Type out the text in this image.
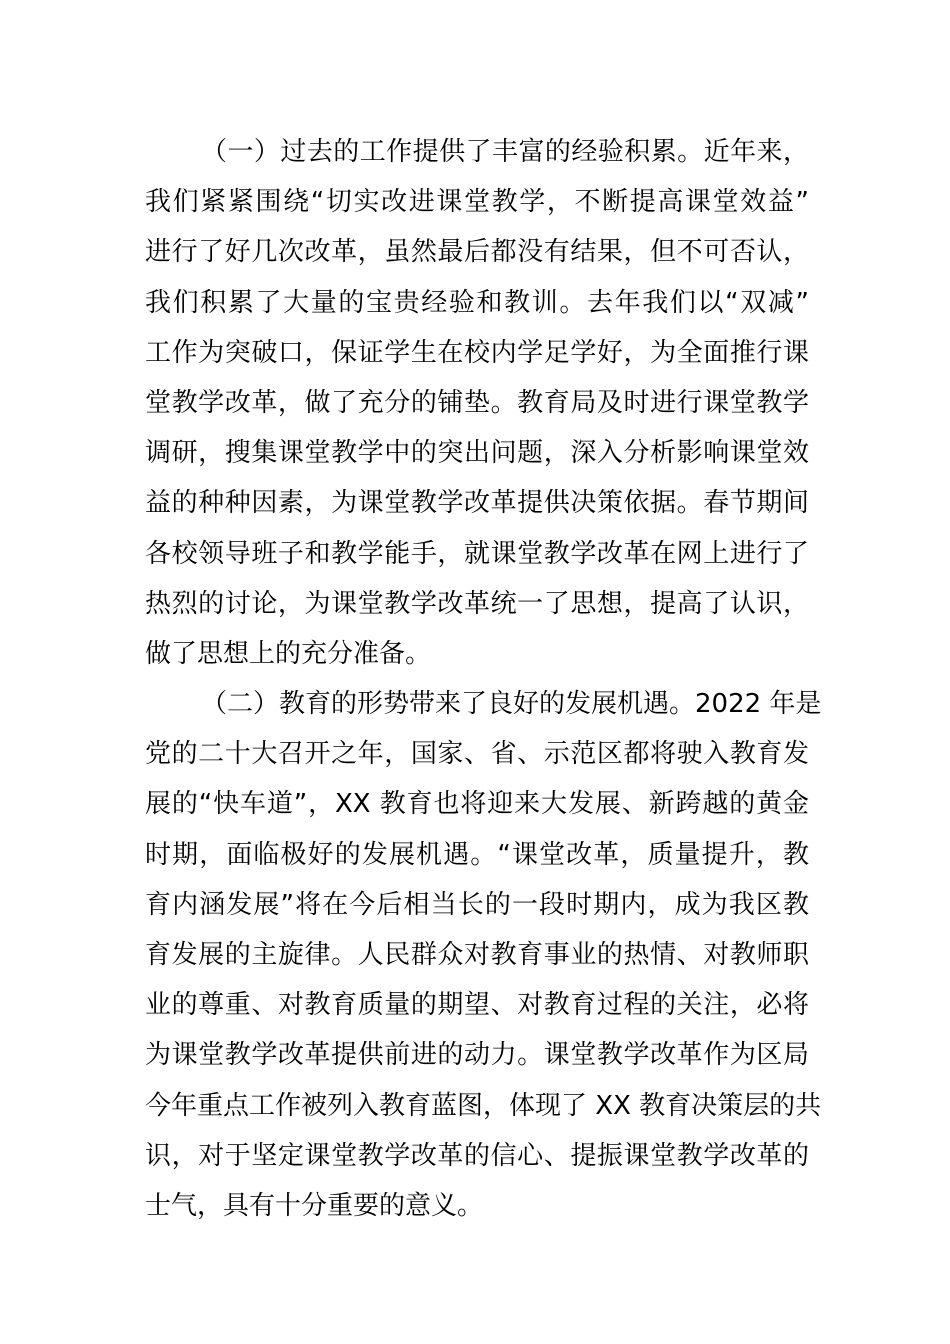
（一）过去的工作提供了丰富的经验积累。近年来，
我们紧紧围绕“切实改进课堂教学，不断提高课堂效益”
进行了好几次改革，虽然最后都没有结果，但不可否认，
我们积累了大量的宝贵经验和教训。去年我们以“双减”
工作为突破口，保证学生在校内学足学好，为全面推行课
堂教学改革，做了充分的铺垫。教育局及时进行课堂教学
调研，搜集课堂教学中的突出问题，深入分析影响课堂效
益的种种因素，为课堂教学改革提供决策依据。春节期间
各校领导班子和教学能手，就课堂教学改革在网上进行了
热烈的讨论，为课堂教学改革统一了思想，提高了认识，
做了思想上的充分准备。
（二）教育的形势带来了良好的发展机遇。2022 年是
党的二十大召开之年，国家、省、示范区都将驶入教育发
展的“快车道”，XX 教育也将迎来大发展、新跨越的黄金
时期，面临极好的发展机遇。“课堂改革，质量提升，教
育内涵发展”将在今后相当长的一段时期内，成为我区教
育发展的主旋律。人民群众对教育事业的热情、对教师职
业的尊重、对教育质量的期望、对教育过程的关注，必将
为课堂教学改革提供前进的动力。课堂教学改革作为区局
今年重点工作被列入教育蓝图，体现了 XX 教育决策层的共
识，对于坚定课堂教学改革的信心、提振课堂教学改革的
士气，具有十分重要的意义。
